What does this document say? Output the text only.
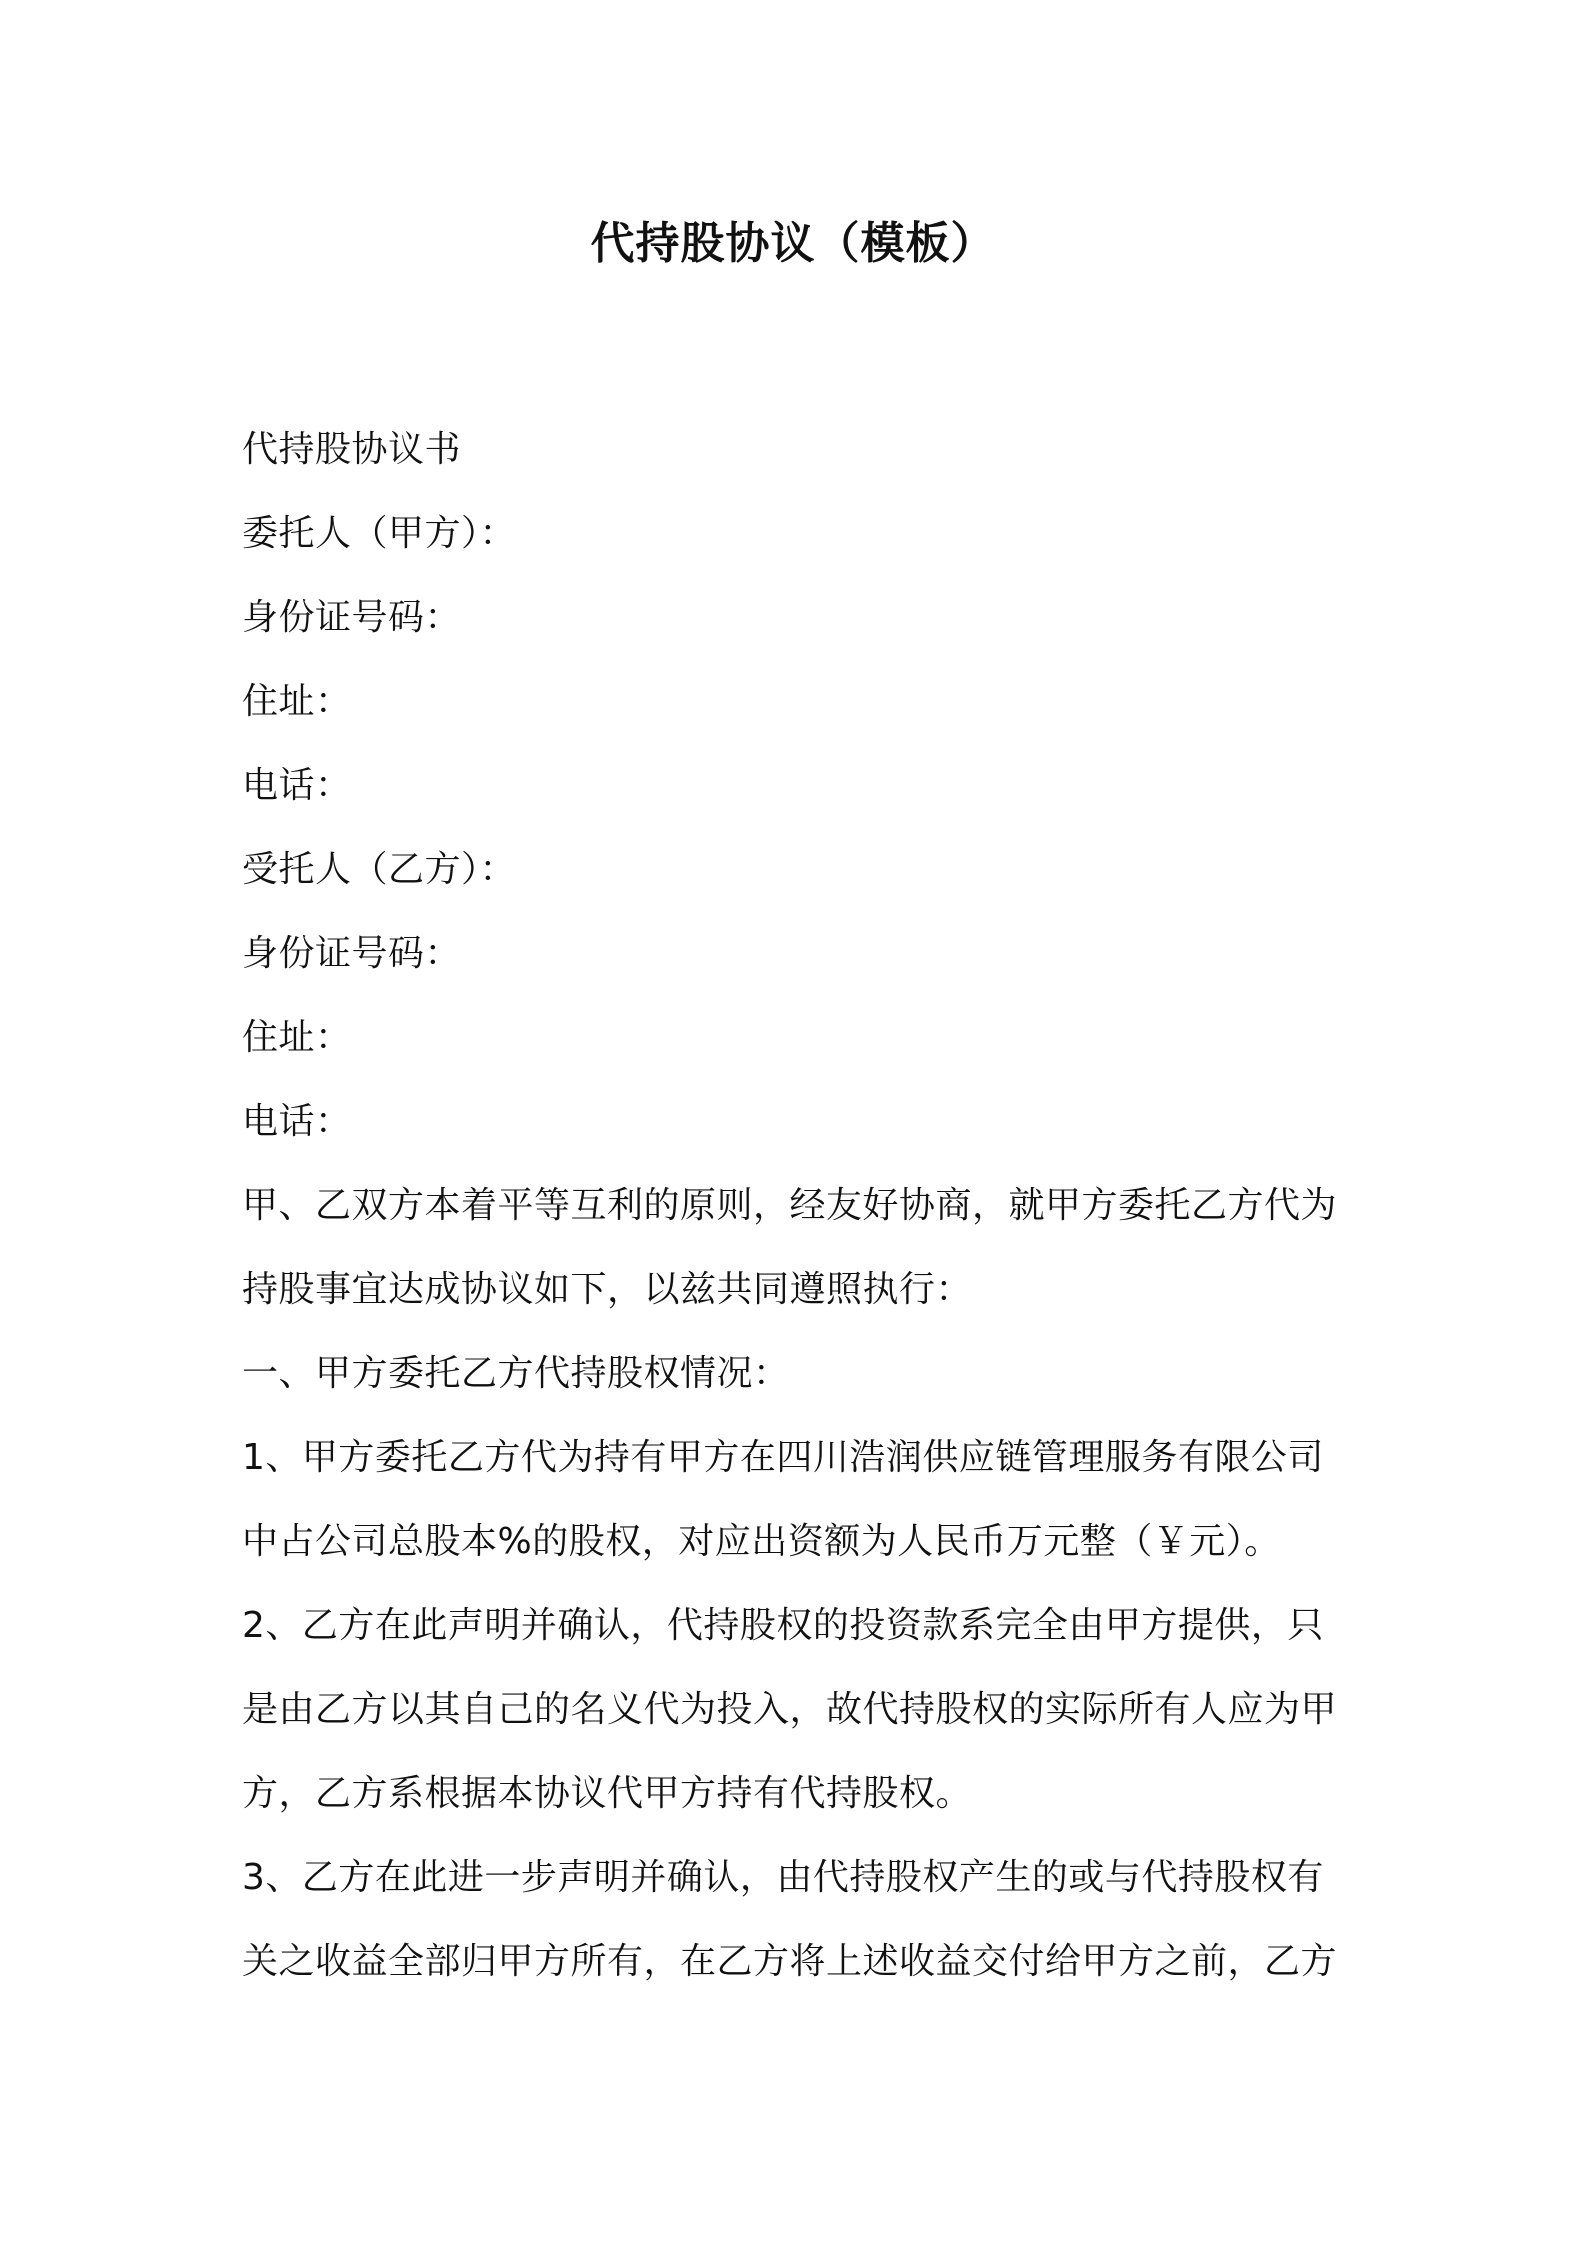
代持股协议（模板）
代持股协议书
委托人（甲方）：
身份证号码：
住址：
电话：
受托人（乙方）：
身份证号码：
住址：
电话：
甲、乙双方本着平等互利的原则，经友好协商，就甲方委托乙方代为
持股事宜达成协议如下，以兹共同遵照执行：
一、甲方委托乙方代持股权情况：
1、甲方委托乙方代为持有甲方在四川浩润供应链管理服务有限公司
中占公司总股本%的股权，对应出资额为人民币万元整（￥元）。
2、乙方在此声明并确认，代持股权的投资款系完全由甲方提供，只
是由乙方以其自己的名义代为投入，故代持股权的实际所有人应为甲
方，乙方系根据本协议代甲方持有代持股权。
3、乙方在此进一步声明并确认，由代持股权产生的或与代持股权有
关之收益全部归甲方所有，在乙方将上述收益交付给甲方之前，乙方
